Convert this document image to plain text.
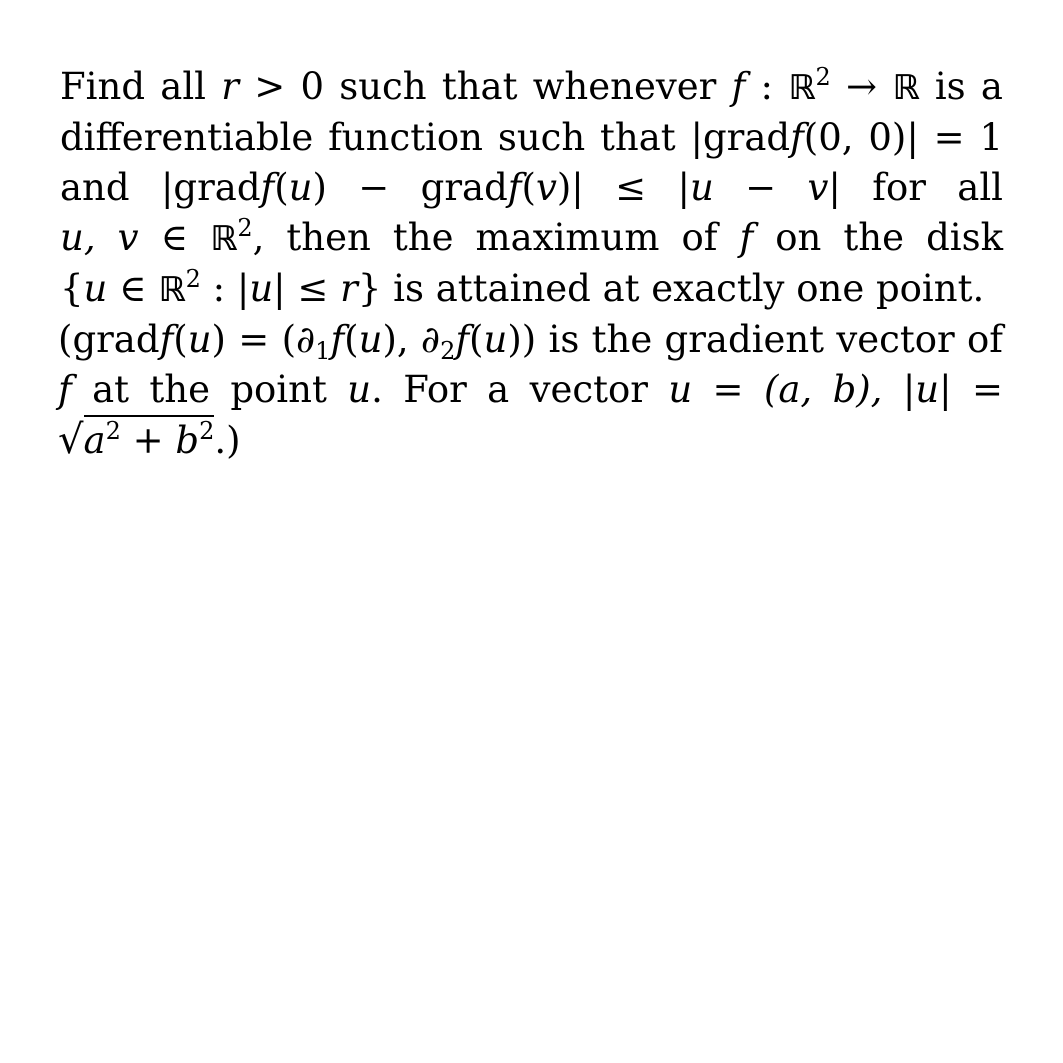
Find all r > 0 such that whenever f : ℝ$^2$ → ℝ is a differentiable function such that |gradf(0, 0)| = 1 and |gradf(u) − gradf(v)| ≤ |u − v| for all u, v ∈ ℝ$^2$, then the maximum of f on the disk {u ∈ ℝ$^2$ : |u| ≤ r} is attained at exactly one point.

(gradf(u) = ($\partial_1f(u)$, $\partial_2f(u)$) is the gradient vector of f at the point u. For a vector u = (a, b), $|u| = √a^2 + b^2$.)
